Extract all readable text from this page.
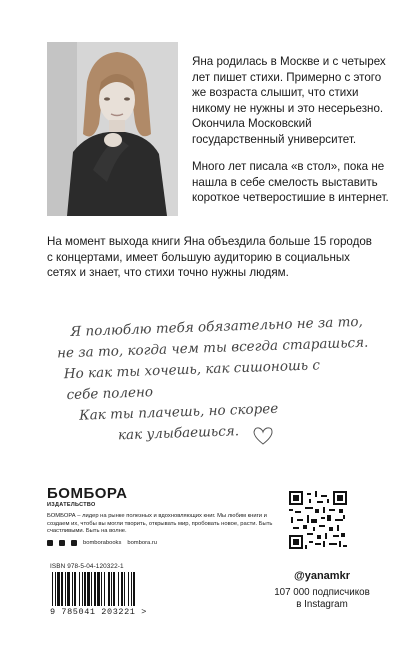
Яна родилась в Москве и с четырех лет пишет стихи. Примерно с этого же возраста слышит, что стихи никому не нужны и это несерьезно. Окончила Московский государственный университет.

Много лет писала «в стол», пока не нашла в себе смелость выставить короткое четверостишие в интернет.

На момент выхода книги Яна объездила больше 15 городов с концертами, имеет большую аудиторию в социальных сетях и знает, что стихи точно нужны людям.

Я полюблю тебя обязательно не за то,
не за то, когда чем ты всегда старашься.
Но как ты хочешь, как сишоношь с
себе полено
Как ты плачешь, но скорее
как улыбаешься.
БОМБОРА
ИЗДАТЕЛЬСТВО
БОМБОРА – лидер на рынке полезных и вдохновляющих книг. Мы любим книги и создаем их, чтобы вы могли творить, открывать мир, пробовать новое, расти. Быть счастливыми. Быть на волне.
bomborabooks bombora.ru
ISBN 978-5-04-120322-1
9 785041 203221 >
@yanamkr
107 000 подписчиков
в Instagram
